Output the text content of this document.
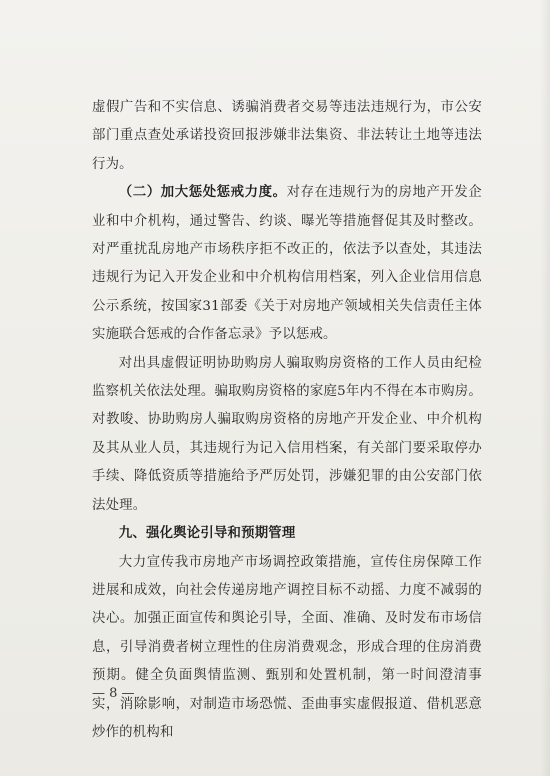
虚假广告和不实信息、诱骗消费者交易等违法违规行为，市公安部门重点查处承诺投资回报涉嫌非法集资、非法转让土地等违法行为。

（二）加大惩处惩戒力度。对存在违规行为的房地产开发企业和中介机构，通过警告、约谈、曝光等措施督促其及时整改。对严重扰乱房地产市场秩序拒不改正的，依法予以查处，其违法违规行为记入开发企业和中介机构信用档案，列入企业信用信息公示系统，按国家31部委《关于对房地产领域相关失信责任主体实施联合惩戒的合作备忘录》予以惩戒。

对出具虚假证明协助购房人骗取购房资格的工作人员由纪检监察机关依法处理。骗取购房资格的家庭5年内不得在本市购房。对教唆、协助购房人骗取购房资格的房地产开发企业、中介机构及其从业人员，其违规行为记入信用档案，有关部门要采取停办手续、降低资质等措施给予严厉处罚，涉嫌犯罪的由公安部门依法处理。

九、强化舆论引导和预期管理

大力宣传我市房地产市场调控政策措施，宣传住房保障工作进展和成效，向社会传递房地产调控目标不动摇、力度不减弱的决心。加强正面宣传和舆论引导，全面、准确、及时发布市场信息，引导消费者树立理性的住房消费观念，形成合理的住房消费预期。健全负面舆情监测、甄别和处置机制，第一时间澄清事实，消除影响，对制造市场恐慌、歪曲事实虚假报道、借机恶意炒作的机构和

— 8 —
